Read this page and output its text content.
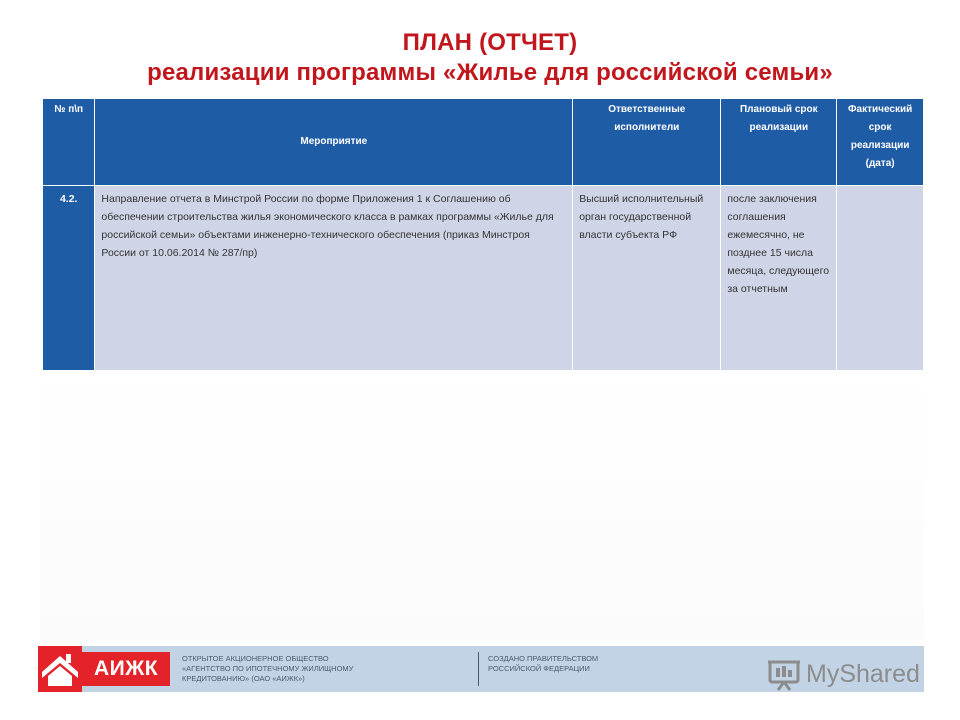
ПЛАН (ОТЧЕТ)
реализации программы «Жилье для российской семьи»
№ п\п	Мероприятие	Ответственные исполнители	Плановый срок реализации	Фактический срок реализации (дата)

4.2.	Направление отчета в Минстрой России по форме Приложения 1 к Соглашению об обеспечении строительства жилья экономического класса в рамках программы «Жилье для российской семьи» объектами инженерно-технического обеспечения (приказ Минстроя России от 10.06.2014 № 287/пр)	Высший исполнительный орган государственной власти субъекта РФ	после заключения соглашения ежемесячно, не позднее 15 числа месяца, следующего за отчетным	
АИЖК	ОТКРЫТОЕ АКЦИОНЕРНОЕ ОБЩЕСТВО
«АГЕНТСТВО ПО ИПОТЕЧНОМУ ЖИЛИЩНОМУ
КРЕДИТОВАНИЮ» (ОАО «АИЖК»)
СОЗДАНО ПРАВИТЕЛЬСТВОМ
РОССИЙСКОЙ ФЕДЕРАЦИИ	MyShared
